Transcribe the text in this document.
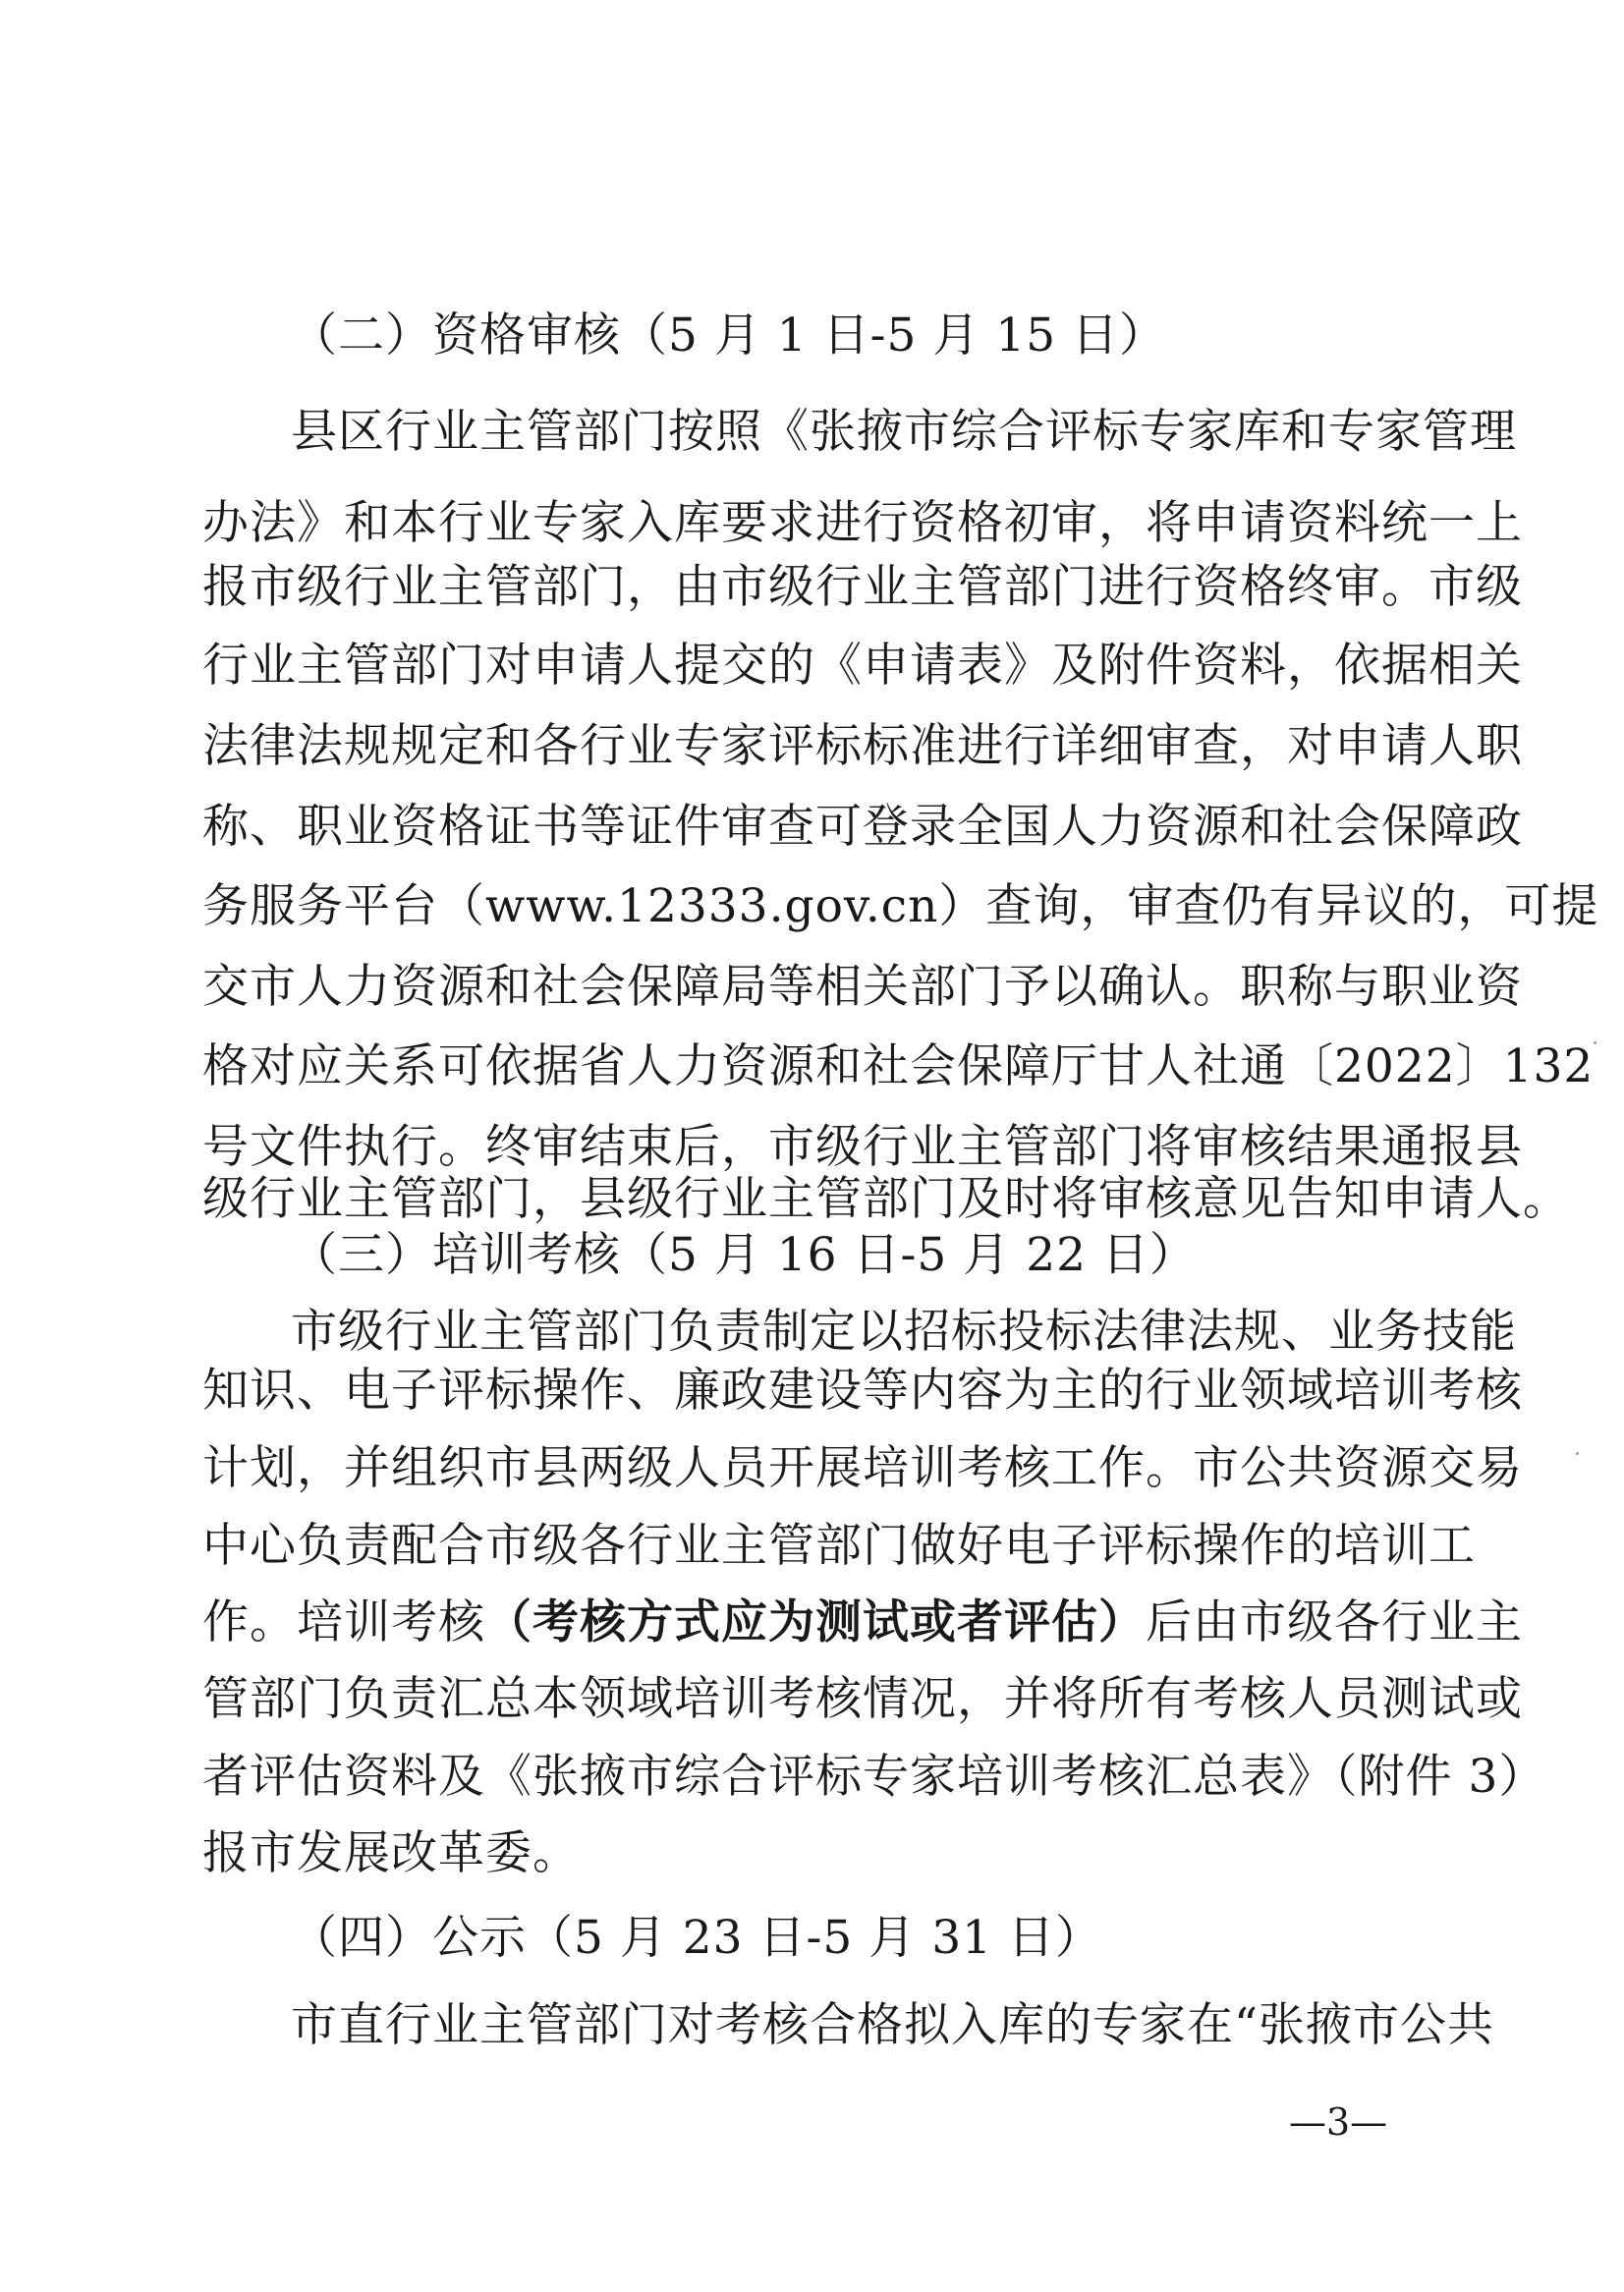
（二）资格审核（5 月 1 日-5 月 15 日）
县区行业主管部门按照《张掖市综合评标专家库和专家管理
办法》和本行业专家入库要求进行资格初审，将申请资料统一上
报市级行业主管部门，由市级行业主管部门进行资格终审。市级
行业主管部门对申请人提交的《申请表》及附件资料，依据相关
法律法规规定和各行业专家评标标准进行详细审查，对申请人职
称、职业资格证书等证件审查可登录全国人力资源和社会保障政
务服务平台（www.12333.gov.cn）查询，审查仍有异议的，可提
交市人力资源和社会保障局等相关部门予以确认。职称与职业资
格对应关系可依据省人力资源和社会保障厅甘人社通〔2022〕132
号文件执行。终审结束后，市级行业主管部门将审核结果通报县
级行业主管部门，县级行业主管部门及时将审核意见告知申请人。
（三）培训考核（5 月 16 日-5 月 22 日）
市级行业主管部门负责制定以招标投标法律法规、业务技能
知识、电子评标操作、廉政建设等内容为主的行业领域培训考核
计划，并组织市县两级人员开展培训考核工作。市公共资源交易
中心负责配合市级各行业主管部门做好电子评标操作的培训工
作。培训考核（考核方式应为测试或者评估）后由市级各行业主
管部门负责汇总本领域培训考核情况，并将所有考核人员测试或
者评估资料及《张掖市综合评标专家培训考核汇总表》（附件 3）
报市发展改革委。
（四）公示（5 月 23 日-5 月 31 日）
市直行业主管部门对考核合格拟入库的专家在“张掖市公共
—3—
